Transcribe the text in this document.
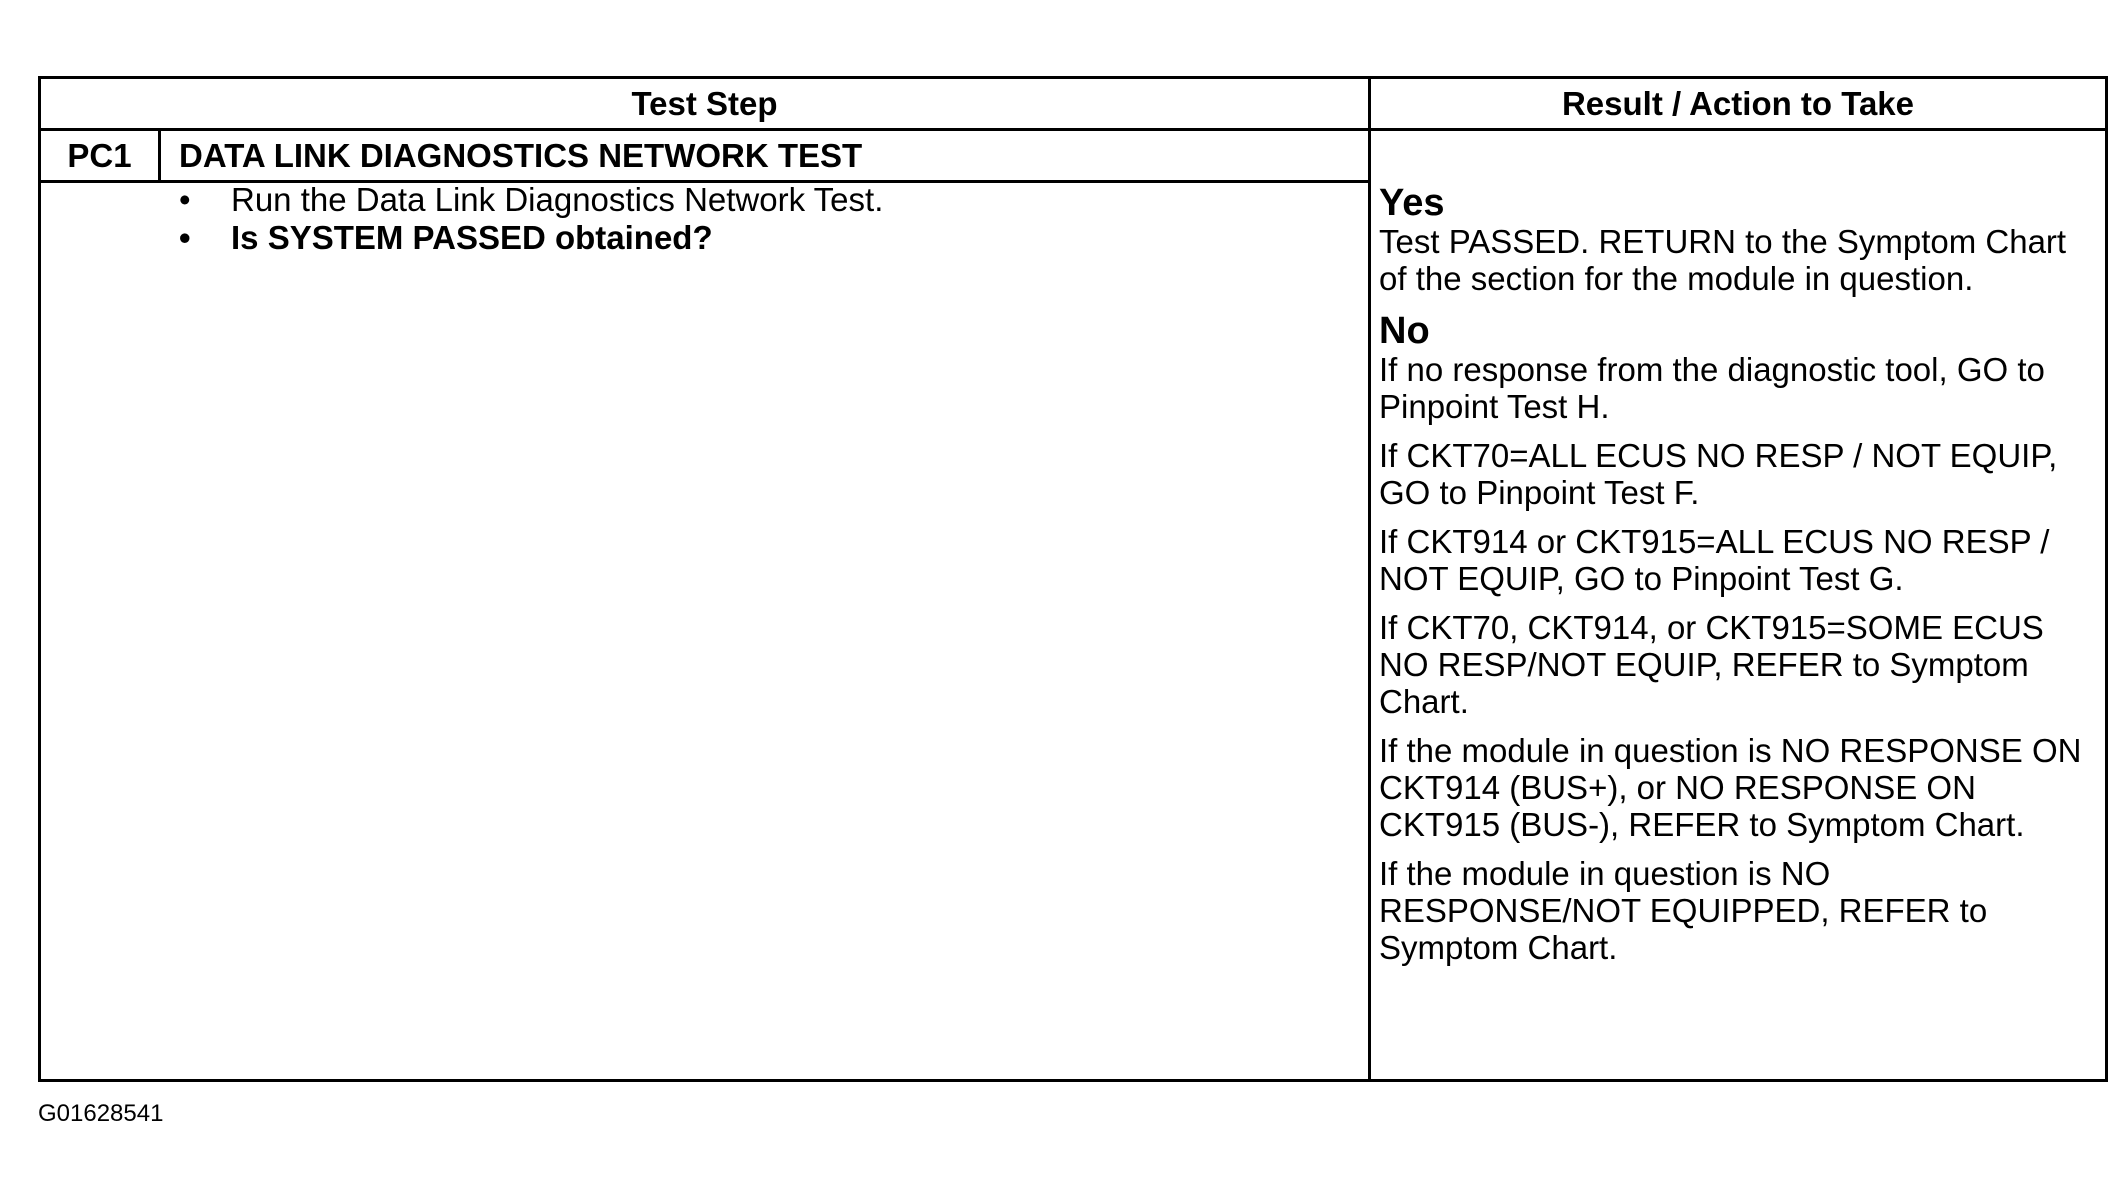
Test Step	Result / Action to Take
PC1	DATA LINK DIAGNOSTICS NETWORK TEST
• Run the Data Link Diagnostics Network Test.
• Is SYSTEM PASSED obtained?
Yes

Test PASSED. RETURN to the Symptom Chart of the section for the module in question.

No

If no response from the diagnostic tool, GO to Pinpoint Test H.

If CKT70=ALL ECUS NO RESP / NOT EQUIP, GO to Pinpoint Test F.

If CKT914 or CKT915=ALL ECUS NO RESP / NOT EQUIP, GO to Pinpoint Test G.

If CKT70, CKT914, or CKT915=SOME ECUS NO RESP/NOT EQUIP, REFER to Symptom Chart.

If the module in question is NO RESPONSE ON CKT914 (BUS+), or NO RESPONSE ON CKT915 (BUS-), REFER to Symptom Chart.

If the module in question is NO RESPONSE/NOT EQUIPPED, REFER to Symptom Chart.

G01628541
